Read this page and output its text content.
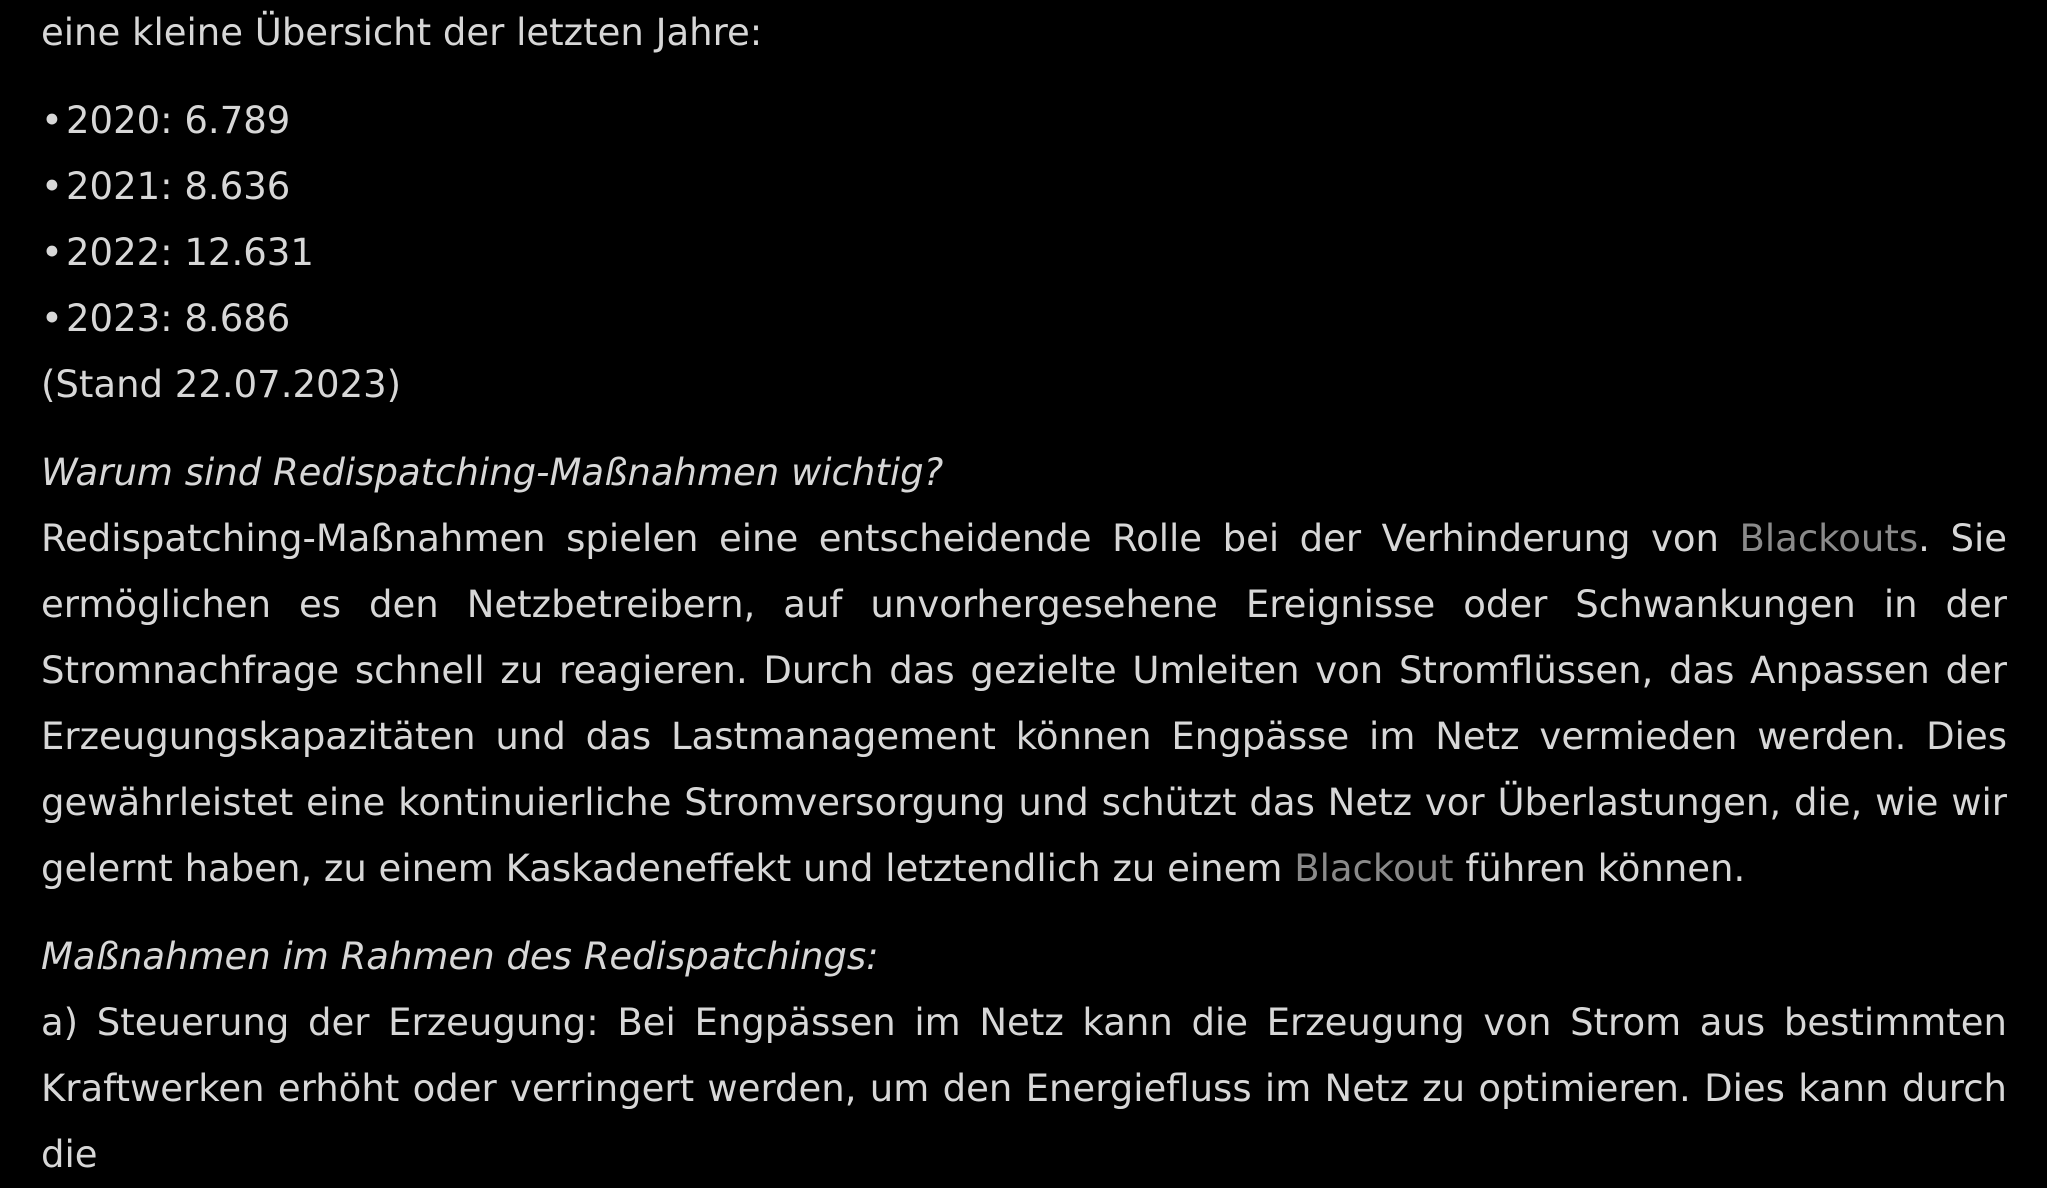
eine kleine Übersicht der letzten Jahre:

• 2020: 6.789
• 2021: 8.636
• 2022: 12.631
• 2023: 8.686

(Stand 22.07.2023)

Warum sind Redispatching-Maßnahmen wichtig?

Redispatching-Maßnahmen spielen eine entscheidende Rolle bei der Verhinderung von Blackouts. Sie ermöglichen es den Netzbetreibern, auf unvorhergesehene Ereignisse oder Schwankungen in der Stromnachfrage schnell zu reagieren. Durch das gezielte Umleiten von Stromflüssen, das Anpassen der Erzeugungskapazitäten und das Lastmanagement können Engpässe im Netz vermieden werden. Dies gewährleistet eine kontinuierliche Stromversorgung und schützt das Netz vor Überlastungen, die, wie wir gelernt haben, zu einem Kaskadeneffekt und letztendlich zu einem Blackout führen können.

Maßnahmen im Rahmen des Redispatchings:

a) Steuerung der Erzeugung: Bei Engpässen im Netz kann die Erzeugung von Strom aus bestimmten Kraftwerken erhöht oder verringert werden, um den Energiefluss im Netz zu optimieren. Dies kann durch die
